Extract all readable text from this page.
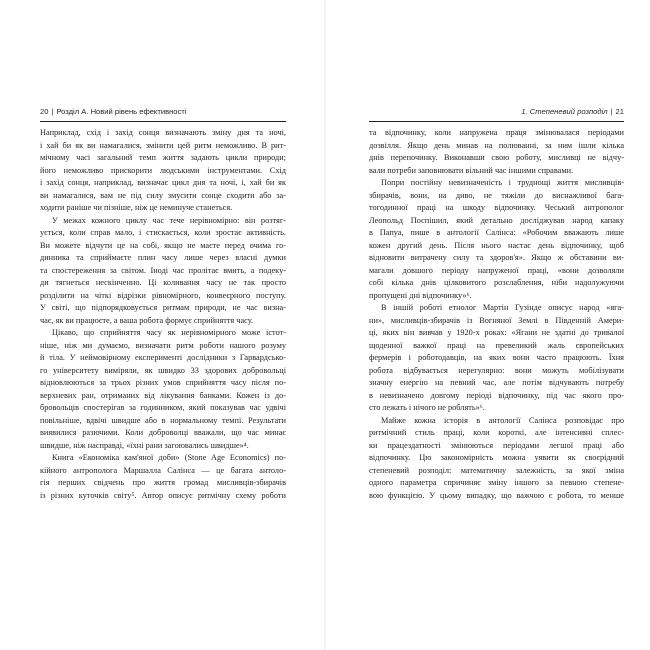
20 | Розділ А. Новий рівень ефективності

Наприклад, схід і захід сонця визначають зміну дня та ночі,
і хай би як ви намагалися, змінити цей ритм неможливо. В рит-
мічному часі загальний темп життя задають цикли природи;
його неможливо прискорити людськими інструментами. Схід
і захід сонця, наприклад, визначає цикл дня та ночі, і, хай би як
ви намагалися, вам не під силу змусити сонце сходити або за-
ходити раніше чи пізніше, ніж це неминуче станеться.

У межах кожного циклу час тече нерівномірно: він розтяг-
ується, коли справ мало, і стискається, коли зростає активність.
Ви можете відчути це на собі, якщо не маєте перед очима го-
динника та сприймаєте плин часу лише через власні думки
та спостереження за світом. Іноді час пролітає вмить, а подеку-
ди тягнеться нескінченно. Ці коливання часу не так просто
розділити на чіткі відрізки рівномірного, конвеєрного поступу.
У світі, що підпорядковується ритмам природи, не час визна-
чає, як ви працюєте, а ваша робота формує сприйняття часу.

Цікаво, що сприйняття часу як нерівномірного може істот-
ніше, ніж ми думаємо, визначати ритм роботи нашого розуму
й тіла. У неймовірному експерименті дослідники з Гарвардсько-
го університету виміряли, як швидко 33 здорових добровольці
відновлюються за трьох різних умов сприйняття часу після по-
верхневих ран, отриманих від лікування банками. Кожен із до-
бровольців спостерігав за годинником, який показував час удвічі
повільніше, вдвічі швидше або в нормальному темпі. Результати
виявилися разючими. Коли доброволці вважали, що час минає
швидше, ніж насправді, «їхні рани загоювались швидше»⁴.

Книга «Економіка кам'яної доби» (Stone Age Economics) по-
кійного антрополога Маршалла Салінса — це багата антоло-
гія перших свідчень про життя громад мисливців-збирачів
із різних куточків світу⁵. Автор описує ритмічну схему роботи

1. Степеневий розподіл | 21

та відпочинку, коли напружена праця змінювалася періодами
дозвілля. Якщо день минав на полюванні, за ним ішли кілька
днів перепочинку. Виконавши свою роботу, мисливці не відчу-
вали потреби заповнювати вільний час іншими справами.

Попри постійну невизначеність і труднощі життя мисливців-
збирачів, вони, на диво, не тяжіли до виснажливої бага-
тогодинної праці на шкоду відпочинку. Чеський антрополог
Леопольд Поспішил, який детально досліджував народ капаку
в Папуа, пише в антології Салінса: «Робочим вважають лише
кожен другий день. Після нього настає день відпочинку, щоб
відновити витрачену силу та здоров'я». Якщо ж обставини ви-
магали довшого періоду напруженої праці, «вони дозволяли
собі кілька днів цілковитого розслаблення, ніби надолужуючи
пропущені дні відпочинку»⁶.

В іншій роботі етнолог Мартін Гузінде описує народ «яга-
ни», мисливців-збирачів із Вогняної Землі в Південній Амери-
ці, яких він вивчав у 1920-х роках: «Ягани не здатні до тривалої
щоденної важкої праці на превеликий жаль європейських
фермерів і роботодавців, на яких вони часто працюють. Їхня
робота відбувається нерегулярно: вони можуть мобілізувати
значну енергію на певний час, але потім відчувають потребу
в невизначено довгому періоді відпочинку, під час якого про-
сто лежать і нічого не роблять»⁶.

Майже кожна історія в антології Салінса розповідає про
ритмічний стиль праці, коли короткі, але інтенсивні сплес-
ки працездатності змінюються періодами легшої праці або
відпочинку. Цю закономірність можна уявити як своєрідний
степеневий розподіл: математичну залежність, за якої зміна
одного параметра спричиняє зміну іншого за певною степене-
вою функцією. У цьому випадку, що важчою є робота, то менше
